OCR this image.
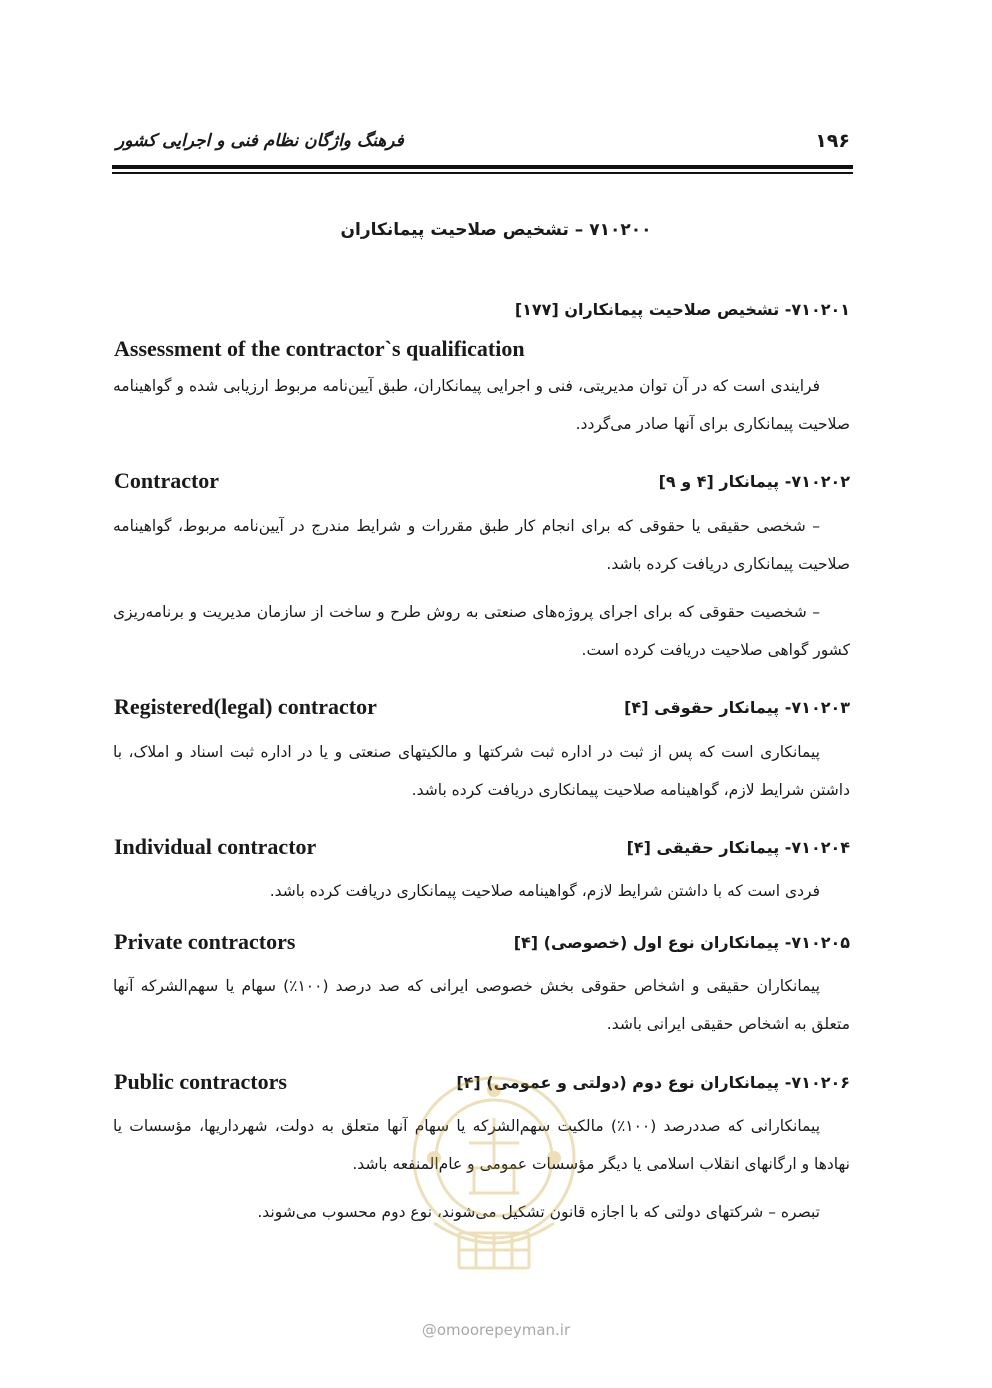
۱۹۶
فرهنگ واژگان نظام فنی و اجرایی کشور
۷۱۰۲۰۰ – تشخیص صلاحیت پیمانکاران
۷۱۰۲۰۱- تشخیص صلاحیت پیمانکاران [۱۷۷]
Assessment of the contractor`s qualification

فرایندی است که در آن توان مدیریتی، فنی و اجرایی پیمانکاران، طبق آیین‌نامه مربوط ارزیابی شده و گواهینامه صلاحیت پیمانکاری برای آنها صادر می‌گردد.

۷۱۰۲۰۲- پیمانکار [۴ و ۹]
Contractor

– شخصی حقیقی یا حقوقی که برای انجام کار طبق مقررات و شرایط مندرج در آیین‌نامه مربوط، گواهینامه صلاحیت پیمانکاری دریافت کرده باشد.

– شخصیت حقوقی که برای اجرای پروژه‌های صنعتی به روش طرح و ساخت از سازمان مدیریت و برنامه‌ریزی کشور گواهی صلاحیت دریافت کرده است.

۷۱۰۲۰۳- پیمانکار حقوقی [۴]
Registered(legal) contractor

پیمانکاری است که پس از ثبت در اداره ثبت شرکتها و مالکیتهای صنعتی و یا در اداره ثبت اسناد و املاک، با داشتن شرایط لازم، گواهینامه صلاحیت پیمانکاری دریافت کرده باشد.

۷۱۰۲۰۴- پیمانکار حقیقی [۴]
Individual contractor

فردی است که با داشتن شرایط لازم، گواهینامه صلاحیت پیمانکاری دریافت کرده باشد.

۷۱۰۲۰۵- پیمانکاران نوع اول (خصوصی) [۴]
Private contractors

پیمانکاران حقیقی و اشخاص حقوقی بخش خصوصی ایرانی که صد درصد (۱۰۰٪) سهام یا سهم‌الشرکه آنها متعلق به اشخاص حقیقی ایرانی باشد.

۷۱۰۲۰۶- پیمانکاران نوع دوم (دولتی و عمومی) [۴]
Public contractors

پیمانکارانی که صددرصد (۱۰۰٪) مالکیت سهم‌الشرکه یا سهام آنها متعلق به دولت، شهرداریها، مؤسسات یا نهادها و ارگانهای انقلاب اسلامی یا دیگر مؤسسات عمومی و عام‌المنفعه باشد.

تبصره – شرکتهای دولتی که با اجازه قانون تشکیل می‌شوند، نوع دوم محسوب می‌شوند.

@omoorepeyman.ir
